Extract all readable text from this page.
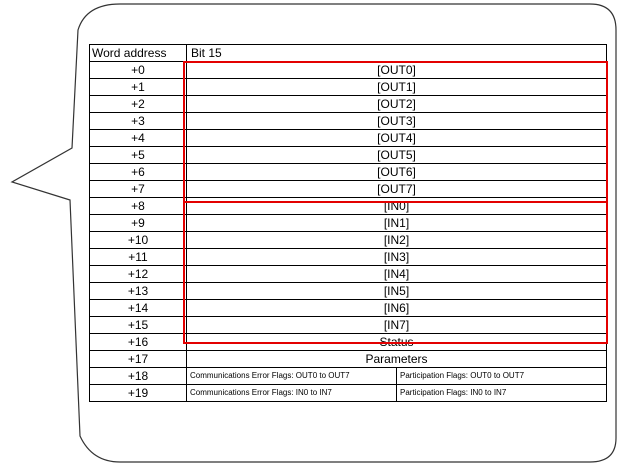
Word address	Bit 15	
+0	[OUT0]	
+1	[OUT1]	
+2	[OUT2]	
+3	[OUT3]	
+4	[OUT4]	
+5	[OUT5]	
+6	[OUT6]	
+7	[OUT7]	
+8	[IN0]	
+9	[IN1]	
+10	[IN2]	
+11	[IN3]	
+12	[IN4]	
+13	[IN5]	
+14	[IN6]	
+15	[IN7]	
+16	Status	
+17	Parameters	
+18	Communications Error Flags: OUT0 to OUT7	Participation Flags: OUT0 to OUT7
+19	Communications Error Flags: IN0 to IN7	Participation Flags: IN0 to IN7
